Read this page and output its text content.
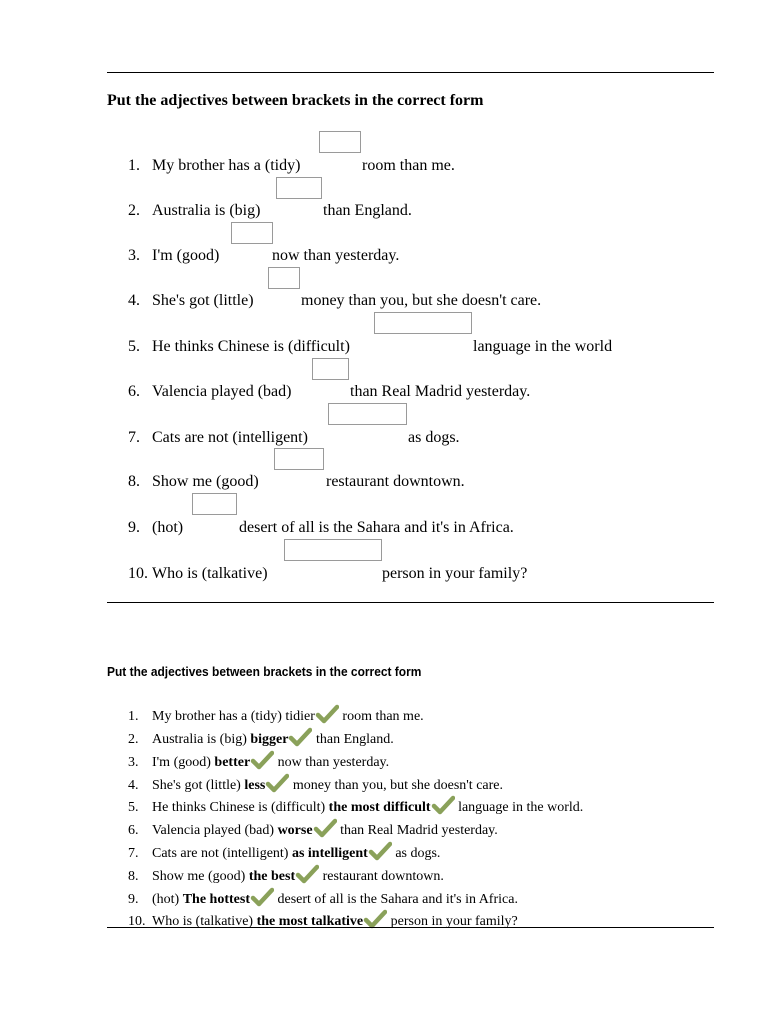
Put the adjectives between brackets in the correct form
1. My brother has a (tidy)	room than me.
2. Australia is (big)	than England.
3. I'm (good)	now than yesterday.
4. She's got (little)	money than you, but she doesn't care.
5. He thinks Chinese is (difficult)	language in the world
6. Valencia played (bad)	than Real Madrid yesterday.
7. Cats are not (intelligent)	as dogs.
8. Show me (good)	restaurant downtown.
9. (hot)	desert of all is the Sahara and it's in Africa.
10. Who is (talkative)	person in your family?
Put the adjectives between brackets in the correct form
1. My brother has a (tidy) tidier room than me.
2. Australia is (big) bigger than England.
3. I'm (good) better now than yesterday.
4. She's got (little) less money than you, but she doesn't care.
5. He thinks Chinese is (difficult) the most difficult language in the world.
6. Valencia played (bad) worse than Real Madrid yesterday.
7. Cats are not (intelligent) as intelligent as dogs.
8. Show me (good) the best restaurant downtown.
9. (hot) The hottest desert of all is the Sahara and it's in Africa.
10. Who is (talkative) the most talkative person in your family?
